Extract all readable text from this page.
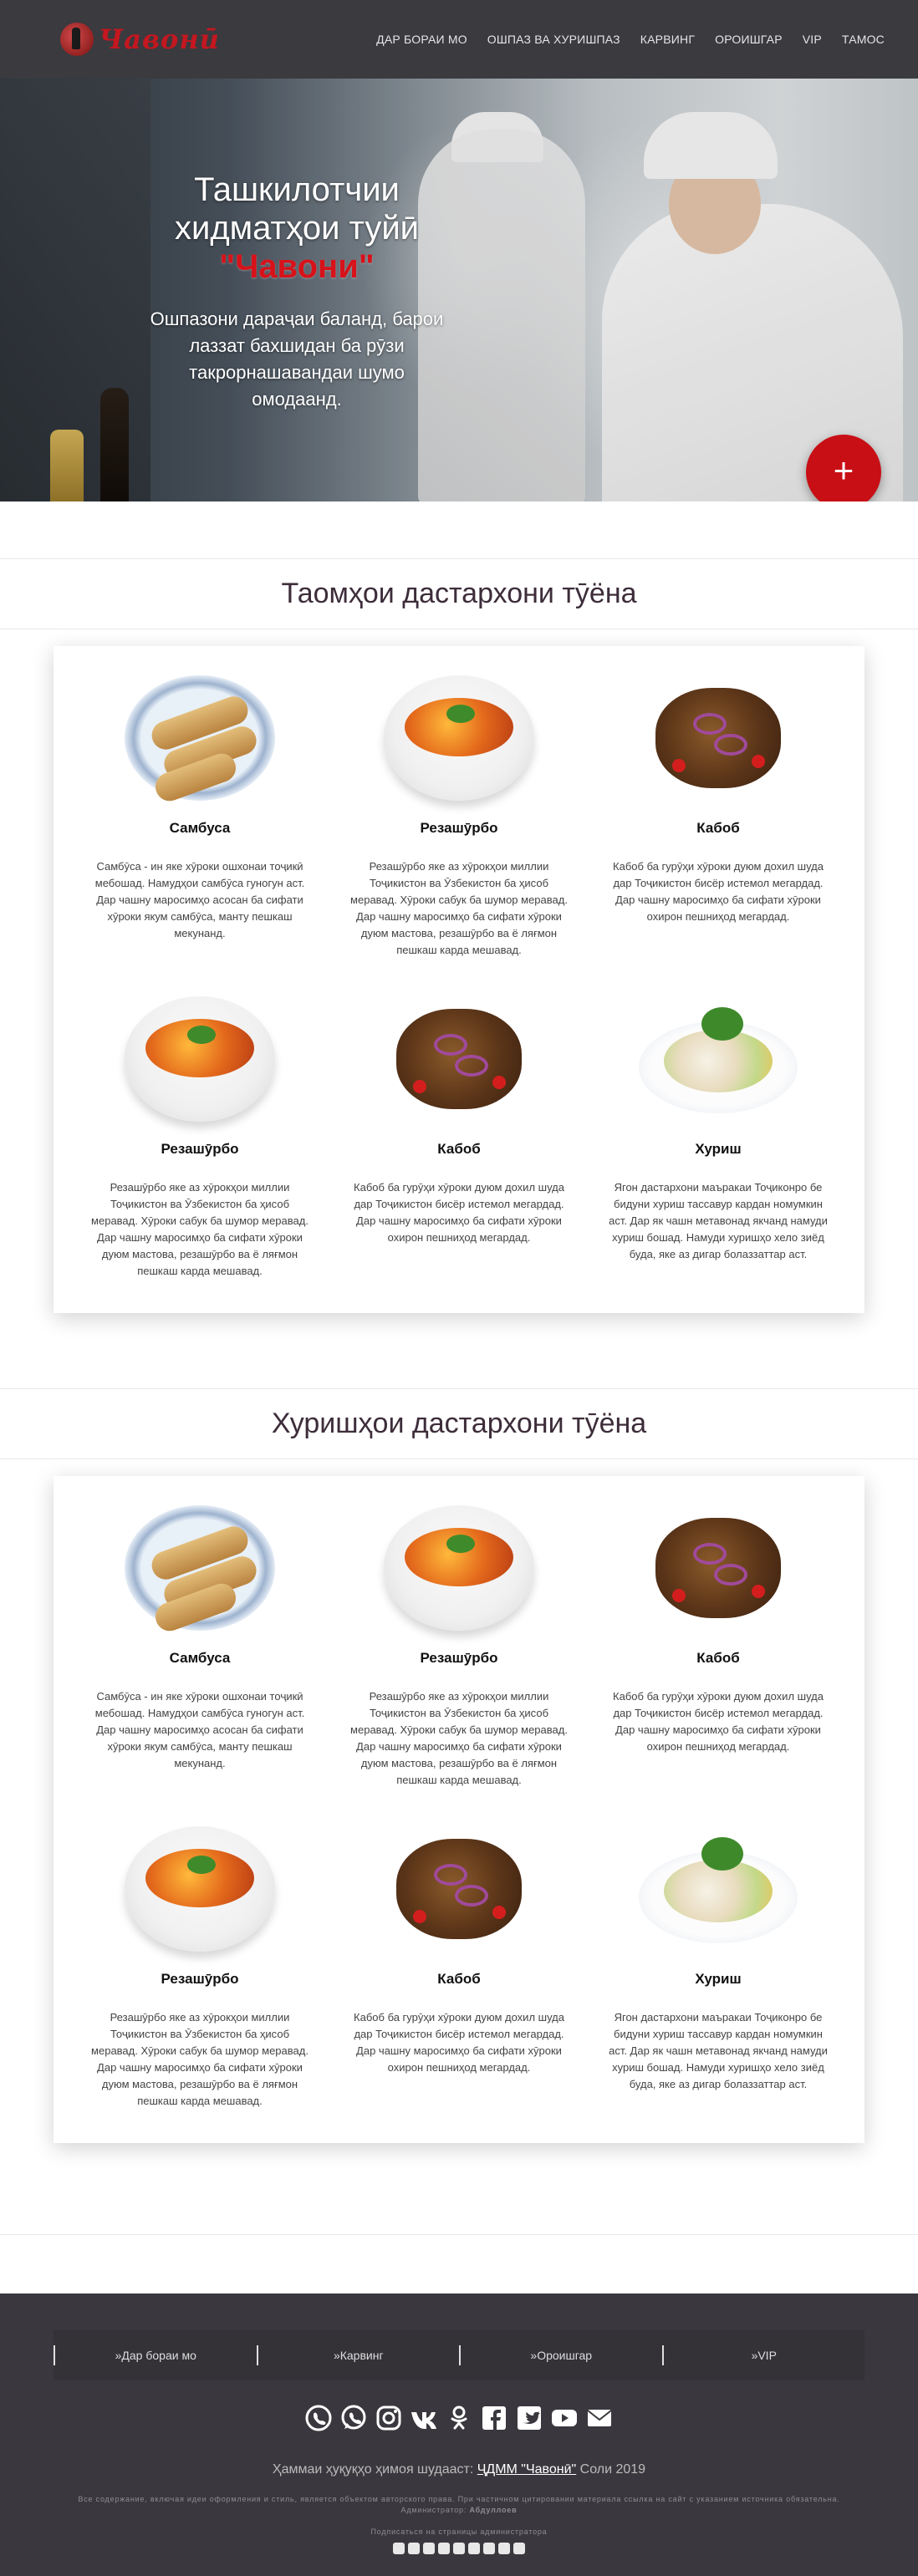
Чавонӣ	ДАР БОРАИ МО ОШПАЗ ВА ХУРИШПАЗ КАРВИНГ ОРОИШГАР VIP ТАМОС
Ташкилотчии хидматҳои туйӣ
"Чавони"
Ошпазони дараҷаи баланд, барои лаззат бахшидан ба рӯзи такрорнашавандаи шумо омодаанд.
+
Таомҳои дастархони тӯёна
Самбуса
Самбӯса - ин яке хӯроки ошхонаи тоҷикӣ мебошад. Намудҳои самбӯса гуногун аст. Дар чашну маросимҳо асосан ба сифати хӯроки якум самбӯса, манту пешкаш мекунанд.
Резашӯрбо
Резашӯрбо яке аз хӯрокҳои миллии Тоҷикистон ва Ӯзбекистон ба ҳисоб меравад. Хӯроки сабук ба шумор меравад. Дар чашну маросимҳо ба сифати хӯроки дуюм мастова, резашӯрбо ва ё ляғмон пешкаш карда мешавад.
Кабоб
Кабоб ба гурӯҳи хӯроки дуюм дохил шуда дар Тоҷикистон бисёр истемол мегардад. Дар чашну маросимҳо ба сифати хӯроки охирон пешниҳод мегардад.
Резашӯрбо
Резашӯрбо яке аз хӯрокҳои миллии Тоҷикистон ва Ӯзбекистон ба ҳисоб меравад. Хӯроки сабук ба шумор меравад. Дар чашну маросимҳо ба сифати хӯроки дуюм мастова, резашӯрбо ва ё ляғмон пешкаш карда мешавад.
Кабоб
Кабоб ба гурӯҳи хӯроки дуюм дохил шуда дар Тоҷикистон бисёр истемол мегардад. Дар чашну маросимҳо ба сифати хӯроки охирон пешниҳод мегардад.
Хуриш
Ягон дастархони маъракаи Тоҷиконро бе бидуни хуриш тассавур кардан номумкин аст. Дар як чашн метавонад якчанд намуди хуриш бошад. Намуди хуришҳо хело зиёд буда, яке аз дигар болаззаттар аст.
Хуришҳои дастархони тӯёна
Самбуса
Самбӯса - ин яке хӯроки ошхонаи тоҷикӣ мебошад. Намудҳои самбӯса гуногун аст. Дар чашну маросимҳо асосан ба сифати хӯроки якум самбӯса, манту пешкаш мекунанд.
Резашӯрбо
Резашӯрбо яке аз хӯрокҳои миллии Тоҷикистон ва Ӯзбекистон ба ҳисоб меравад. Хӯроки сабук ба шумор меравад. Дар чашну маросимҳо ба сифати хӯроки дуюм мастова, резашӯрбо ва ё ляғмон пешкаш карда мешавад.
Кабоб
Кабоб ба гурӯҳи хӯроки дуюм дохил шуда дар Тоҷикистон бисёр истемол мегардад. Дар чашну маросимҳо ба сифати хӯроки охирон пешниҳод мегардад.
Резашӯрбо
Резашӯрбо яке аз хӯрокҳои миллии Тоҷикистон ва Ӯзбекистон ба ҳисоб меравад. Хӯроки сабук ба шумор меравад. Дар чашну маросимҳо ба сифати хӯроки дуюм мастова, резашӯрбо ва ё ляғмон пешкаш карда мешавад.
Кабоб
Кабоб ба гурӯҳи хӯроки дуюм дохил шуда дар Тоҷикистон бисёр истемол мегардад. Дар чашну маросимҳо ба сифати хӯроки охирон пешниҳод мегардад.
Хуриш
Ягон дастархони маъракаи Тоҷиконро бе бидуни хуриш тассавур кардан номумкин аст. Дар як чашн метавонад якчанд намуди хуриш бошад. Намуди хуришҳо хело зиёд буда, яке аз дигар болаззаттар аст.
»Дар бораи мо	»Карвинг	»Ороишгар	»VIP
Ҳаммаи ҳуқуқҳо ҳимоя шудааст: ҶДММ "Чавонӣ" Соли 2019
Все содержание, включая идеи оформления и стиль, является объектом авторского права. При частичном цитировании материала ссылка на сайт с указанием источника обязательна.
Администратор: Абдуллоев
Подписаться на страницы администратора
